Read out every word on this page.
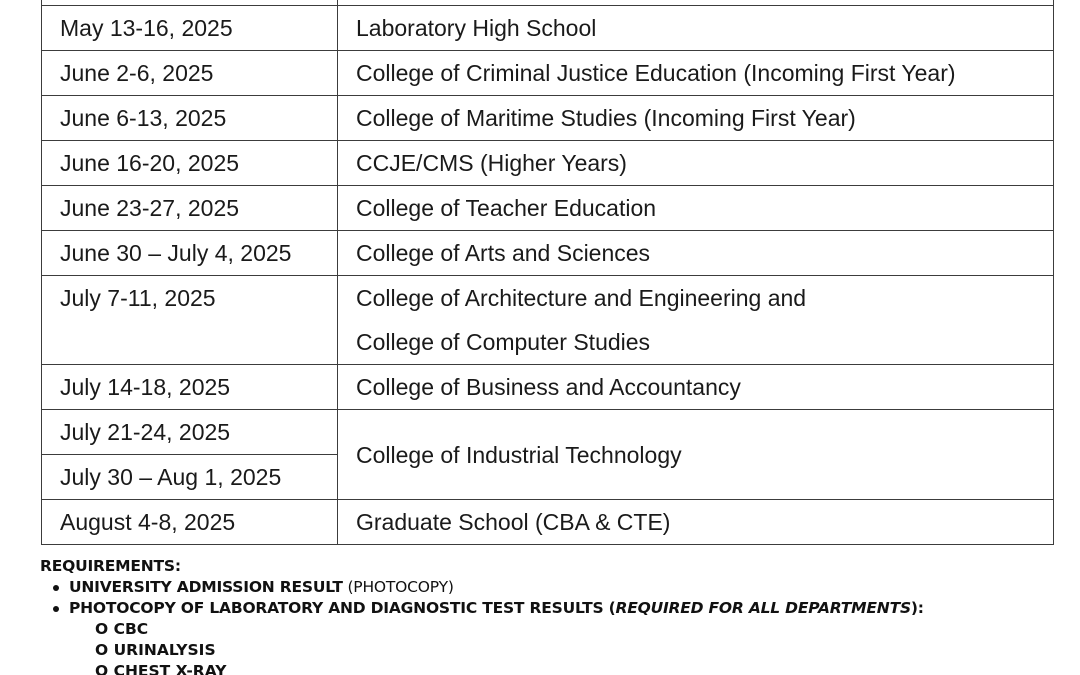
May 13-16, 2025	Laboratory High School
June 2-6, 2025	College of Criminal Justice Education (Incoming First Year)
June 6-13, 2025	College of Maritime Studies (Incoming First Year)
June 16-20, 2025	CCJE/CMS (Higher Years)
June 23-27, 2025	College of Teacher Education
June 30 – July 4, 2025	College of Arts and Sciences
July 7-11, 2025	College of Architecture and Engineering and
College of Computer Studies

July 14-18, 2025	College of Business and Accountancy
July 21-24, 2025	College of Industrial Technology
July 30 – Aug 1, 2025	
August 4-8, 2025	Graduate School (CBA & CTE)
REQUIREMENTS:
UNIVERSITY ADMISSION RESULT (PHOTOCOPY)
PHOTOCOPY OF LABORATORY AND DIAGNOSTIC TEST RESULTS (REQUIRED FOR ALL DEPARTMENTS):
O CBC
O URINALYSIS
O CHEST X-RAY
